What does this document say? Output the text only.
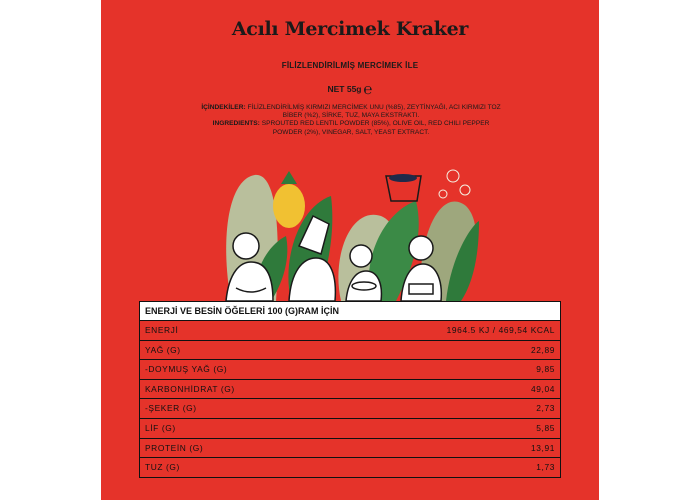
Acılı Mercimek Kraker
FİLİZLENDİRİLMİŞ MERCİMEK İLE
NET 55g ℮
İÇİNDEKİLER: FİLİZLENDİRİLMİŞ KIRMIZI MERCİMEK UNU (%85), ZEYTİNYAĞI, ACI KIRMIZI TOZ BİBER (%2), SİRKE, TUZ, MAYA EKSTRAKTI.
INGREDIENTS: SPROUTED RED LENTIL POWDER (85%), OLIVE OIL, RED CHILI PEPPER POWDER (2%), VINEGAR, SALT, YEAST EXTRACT.
ENERJİ VE BESİN ÖĞELERİ 100 (G)RAM İÇİN
ENERJİ	1964.5 KJ / 469,54 KCAL
YAĞ (G)	22,89
-DOYMUŞ YAĞ (G)	9,85
KARBONHİDRAT (G)	49,04
-ŞEKER (G)	2,73
LİF (G)	5,85
PROTEİN (G)	13,91
TUZ (G)	1,73
